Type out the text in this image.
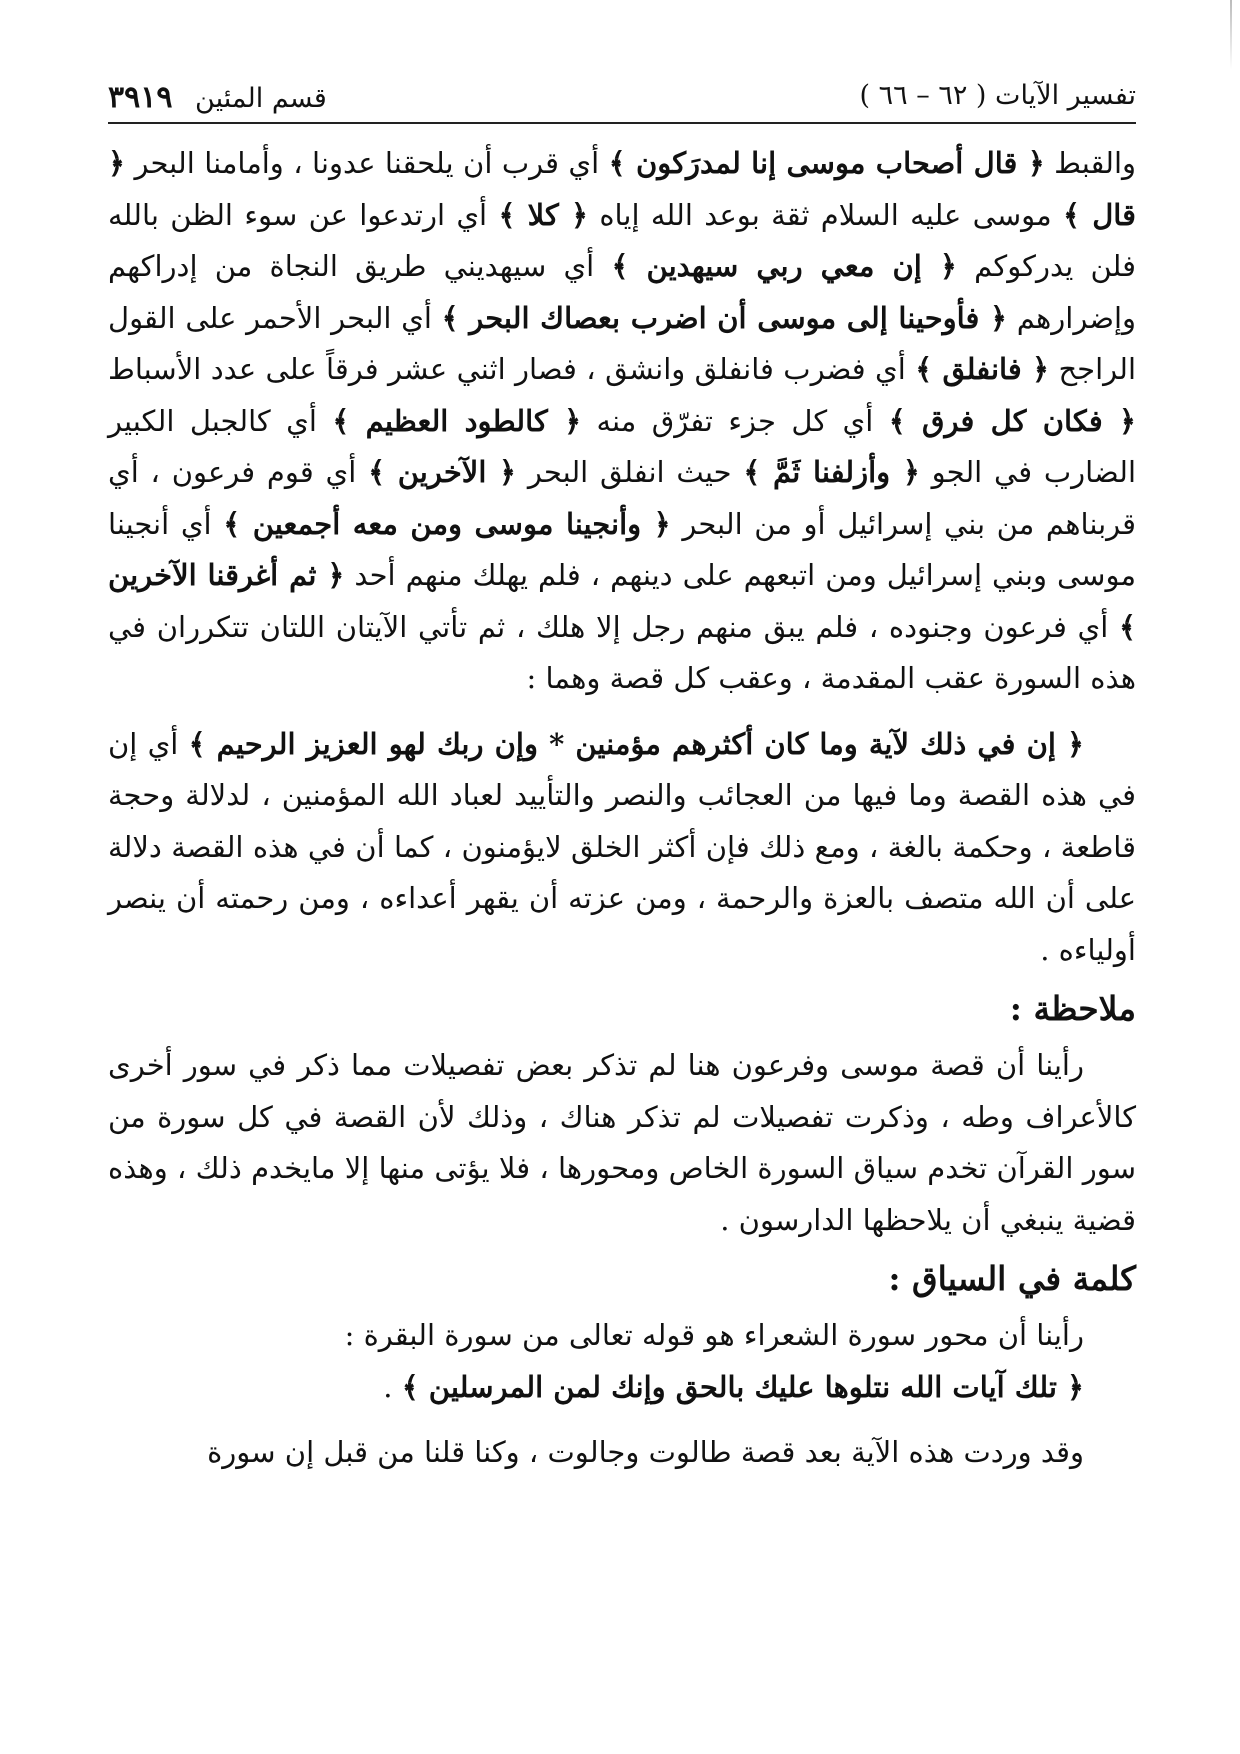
تفسير الآيات ( ٦٢ – ٦٦ )
قسم المئين ٣٩١٩

والقبط ﴿ قال أصحاب موسى إنا لمدرَكون ﴾ أي قرب أن يلحقنا عدونا ، وأمامنا البحر ﴿ قال ﴾ موسى عليه السلام ثقة بوعد الله إياه ﴿ كلا ﴾ أي ارتدعوا عن سوء الظن بالله فلن يدركوكم ﴿ إن معي ربي سيهدين ﴾ أي سيهديني طريق النجاة من إدراكهم وإضرارهم ﴿ فأوحينا إلى موسى أن اضرب بعصاك البحر ﴾ أي البحر الأحمر على القول الراجح ﴿ فانفلق ﴾ أي فضرب فانفلق وانشق ، فصار اثني عشر فرقاً على عدد الأسباط ﴿ فكان كل فرق ﴾ أي كل جزء تفرّق منه ﴿ كالطود العظيم ﴾ أي كالجبل الكبير الضارب في الجو ﴿ وأزلفنا ثَمَّ ﴾ حيث انفلق البحر ﴿ الآخرين ﴾ أي قوم فرعون ، أي قربناهم من بني إسرائيل أو من البحر ﴿ وأنجينا موسى ومن معه أجمعين ﴾ أي أنجينا موسى وبني إسرائيل ومن اتبعهم على دينهم ، فلم يهلك منهم أحد ﴿ ثم أغرقنا الآخرين ﴾ أي فرعون وجنوده ، فلم يبق منهم رجل إلا هلك ، ثم تأتي الآيتان اللتان تتكرران في هذه السورة عقب المقدمة ، وعقب كل قصة وهما :

﴿ إن في ذلك لآية وما كان أكثرهم مؤمنين * وإن ربك لهو العزيز الرحيم ﴾ أي إن في هذه القصة وما فيها من العجائب والنصر والتأييد لعباد الله المؤمنين ، لدلالة وحجة قاطعة ، وحكمة بالغة ، ومع ذلك فإن أكثر الخلق لايؤمنون ، كما أن في هذه القصة دلالة على أن الله متصف بالعزة والرحمة ، ومن عزته أن يقهر أعداءه ، ومن رحمته أن ينصر أولياءه .

ملاحظة :

رأينا أن قصة موسى وفرعون هنا لم تذكر بعض تفصيلات مما ذكر في سور أخرى كالأعراف وطه ، وذكرت تفصيلات لم تذكر هناك ، وذلك لأن القصة في كل سورة من سور القرآن تخدم سياق السورة الخاص ومحورها ، فلا يؤتى منها إلا مايخدم ذلك ، وهذه قضية ينبغي أن يلاحظها الدارسون .

كلمة في السياق :

رأينا أن محور سورة الشعراء هو قوله تعالى من سورة البقرة :

﴿ تلك آيات الله نتلوها عليك بالحق وإنك لمن المرسلين ﴾ .

وقد وردت هذه الآية بعد قصة طالوت وجالوت ، وكنا قلنا من قبل إن سورة
